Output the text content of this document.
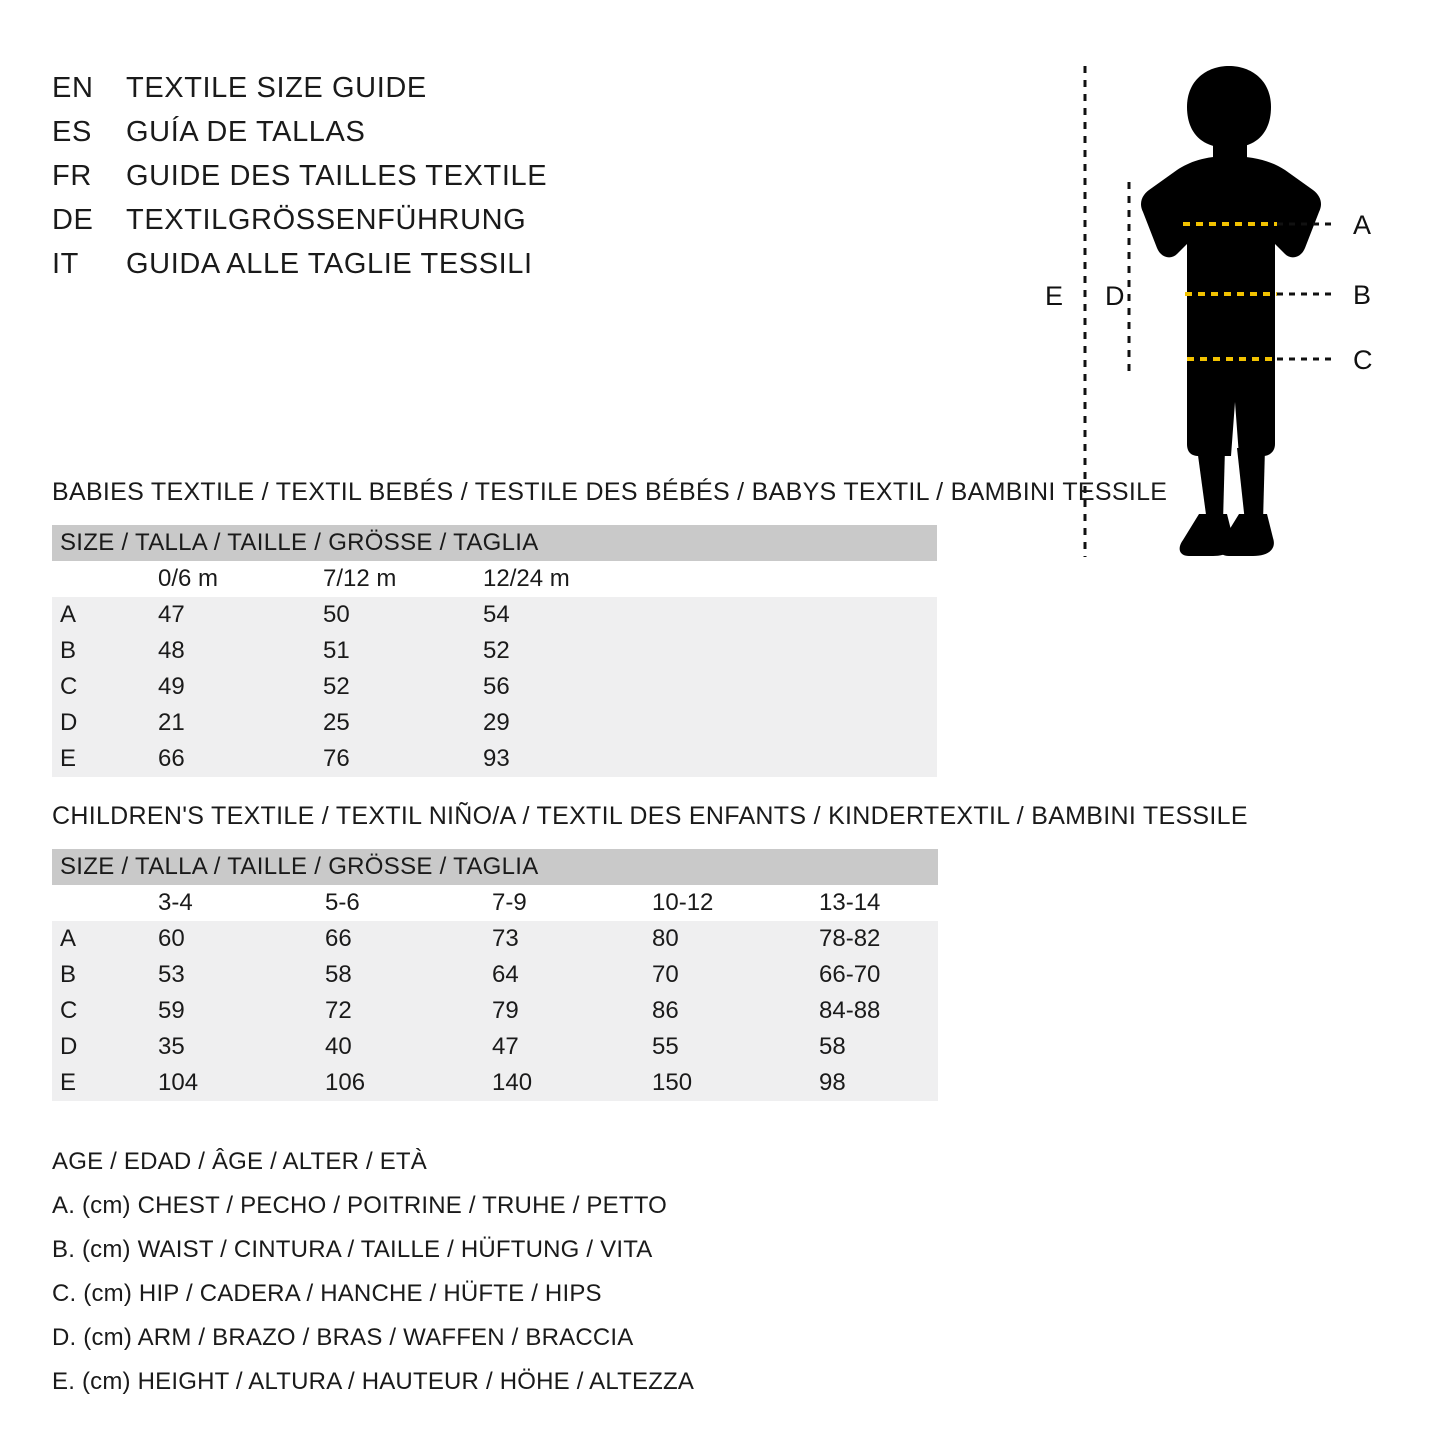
EN	TEXTILE SIZE GUIDE
ES	GUÍA DE TALLAS
FR	GUIDE DES TAILLES TEXTILE
DE	TEXTILGRÖSSENFÜHRUNG
IT	GUIDA ALLE TAGLIE TESSILI
A
B
C
D
E
BABIES TEXTILE / TEXTIL BEBÉS / TESTILE DES BÉBÉS / BABYS TEXTIL / BAMBINI TESSILE
SIZE / TALLA / TAILLE / GRÖSSE / TAGLIA			

	0/6 m	7/12 m	12/24 m

A	47	50	54

B	48	51	52

C	49	52	56

D	21	25	29

E	66	76	93
CHILDREN'S TEXTILE / TEXTIL NIÑO/A / TEXTIL DES ENFANTS / KINDERTEXTIL / BAMBINI TESSILE
SIZE / TALLA / TAILLE / GRÖSSE / TAGLIA					

	3-4	5-6	7-9	10-12	13-14

A	60	66	73	80	78-82

B	53	58	64	70	66-70

C	59	72	79	86	84-88

D	35	40	47	55	58

E	104	106	140	150	98
AGE / EDAD / ÂGE / ALTER / ETÀ
A. (cm) CHEST / PECHO / POITRINE / TRUHE / PETTO
B. (cm) WAIST / CINTURA / TAILLE / HÜFTUNG / VITA
C. (cm) HIP / CADERA / HANCHE / HÜFTE / HIPS
D. (cm) ARM / BRAZO / BRAS / WAFFEN / BRACCIA
E. (cm) HEIGHT / ALTURA / HAUTEUR / HÖHE / ALTEZZA
